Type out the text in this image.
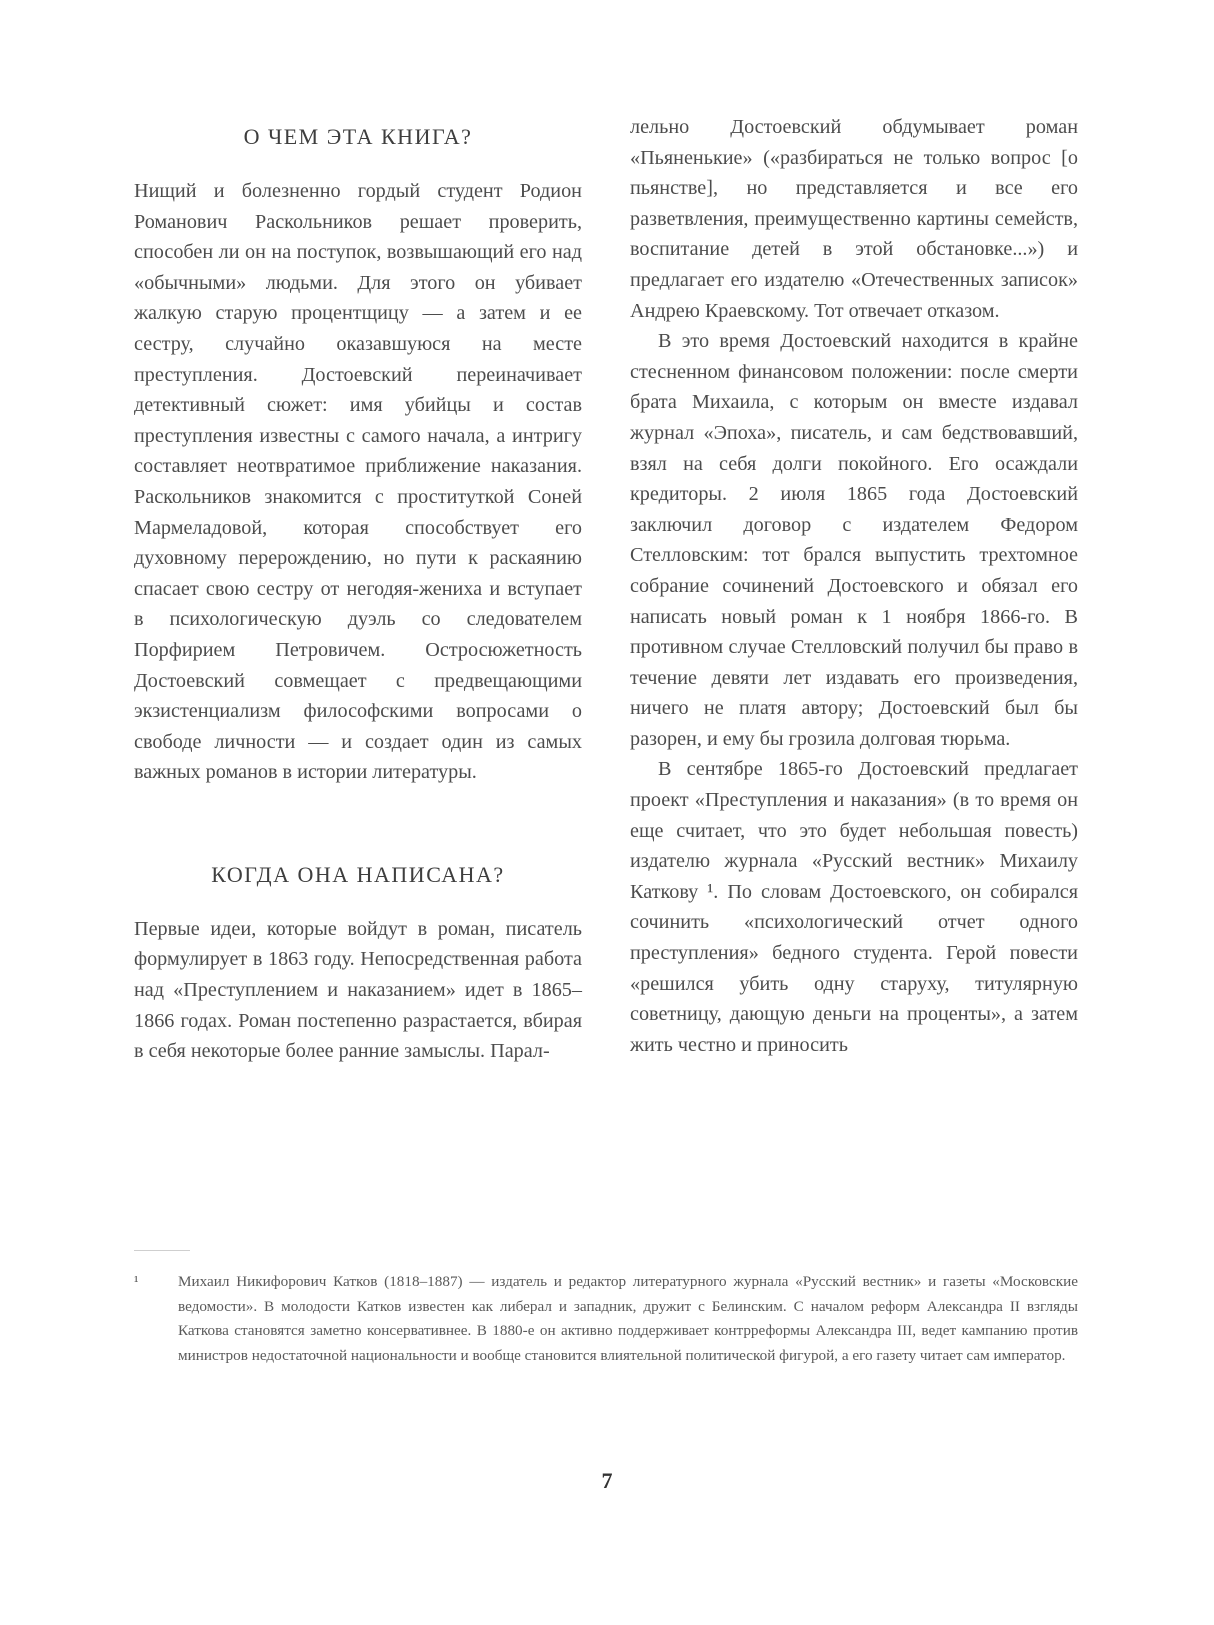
О ЧЕМ ЭТА КНИГА?

Нищий и болезненно гордый студент Родион Романович Раскольников решает проверить, способен ли он на поступок, возвышающий его над «обычными» людьми. Для этого он убивает жалкую старую процентщицу — а затем и ее сестру, случайно оказавшуюся на месте преступления. Достоевский переиначивает детективный сюжет: имя убийцы и состав преступления известны с самого начала, а интригу составляет неотвратимое приближение наказания. Раскольников знакомится с проституткой Соней Мармеладовой, которая способствует его духовному перерождению, но пути к раскаянию спасает свою сестру от негодяя-жениха и вступает в психологическую дуэль со следователем Порфирием Петровичем. Остросюжетность Достоевский совмещает с предвещающими экзистенциализм философскими вопросами о свободе личности — и создает один из самых важных романов в истории литературы.

КОГДА ОНА НАПИСАНА?

Первые идеи, которые войдут в роман, писатель формулирует в 1863 году. Непосредственная работа над «Преступлением и наказанием» идет в 1865–1866 годах. Роман постепенно разрастается, вбирая в себя некоторые более ранние замыслы. Парал-

лельно Достоевский обдумывает роман «Пьяненькие» («разбираться не только вопрос [о пьянстве], но представляется и все его разветвления, преимущественно картины семейств, воспитание детей в этой обстановке...») и предлагает его издателю «Отечественных записок» Андрею Краевскому. Тот отвечает отказом.

В это время Достоевский находится в крайне стесненном финансовом положении: после смерти брата Михаила, с которым он вместе издавал журнал «Эпоха», писатель, и сам бедствовавший, взял на себя долги покойного. Его осаждали кредиторы. 2 июля 1865 года Достоевский заключил договор с издателем Федором Стелловским: тот брался выпустить трехтомное собрание сочинений Достоевского и обязал его написать новый роман к 1 ноября 1866-го. В противном случае Стелловский получил бы право в течение девяти лет издавать его произведения, ничего не платя автору; Достоевский был бы разорен, и ему бы грозила долговая тюрьма.

В сентябре 1865-го Достоевский предлагает проект «Преступления и наказания» (в то время он еще считает, что это будет небольшая повесть) издателю журнала «Русский вестник» Михаилу Каткову ¹. По словам Достоевского, он собирался сочинить «психологический отчет одного преступления» бедного студента. Герой повести «решился убить одну старуху, титулярную советницу, дающую деньги на проценты», а затем жить честно и приносить

¹	Михаил Никифорович Катков (1818–1887) — издатель и редактор литературного журнала «Русский вестник» и газеты «Московские ведомости». В молодости Катков известен как либерал и западник, дружит с Белинским. С началом реформ Александра II взгляды Каткова становятся заметно консервативнее. В 1880-е он активно поддерживает контрреформы Александра III, ведет кампанию против министров недостаточной национальности и вообще становится влиятельной политической фигурой, а его газету читает сам император.

7
